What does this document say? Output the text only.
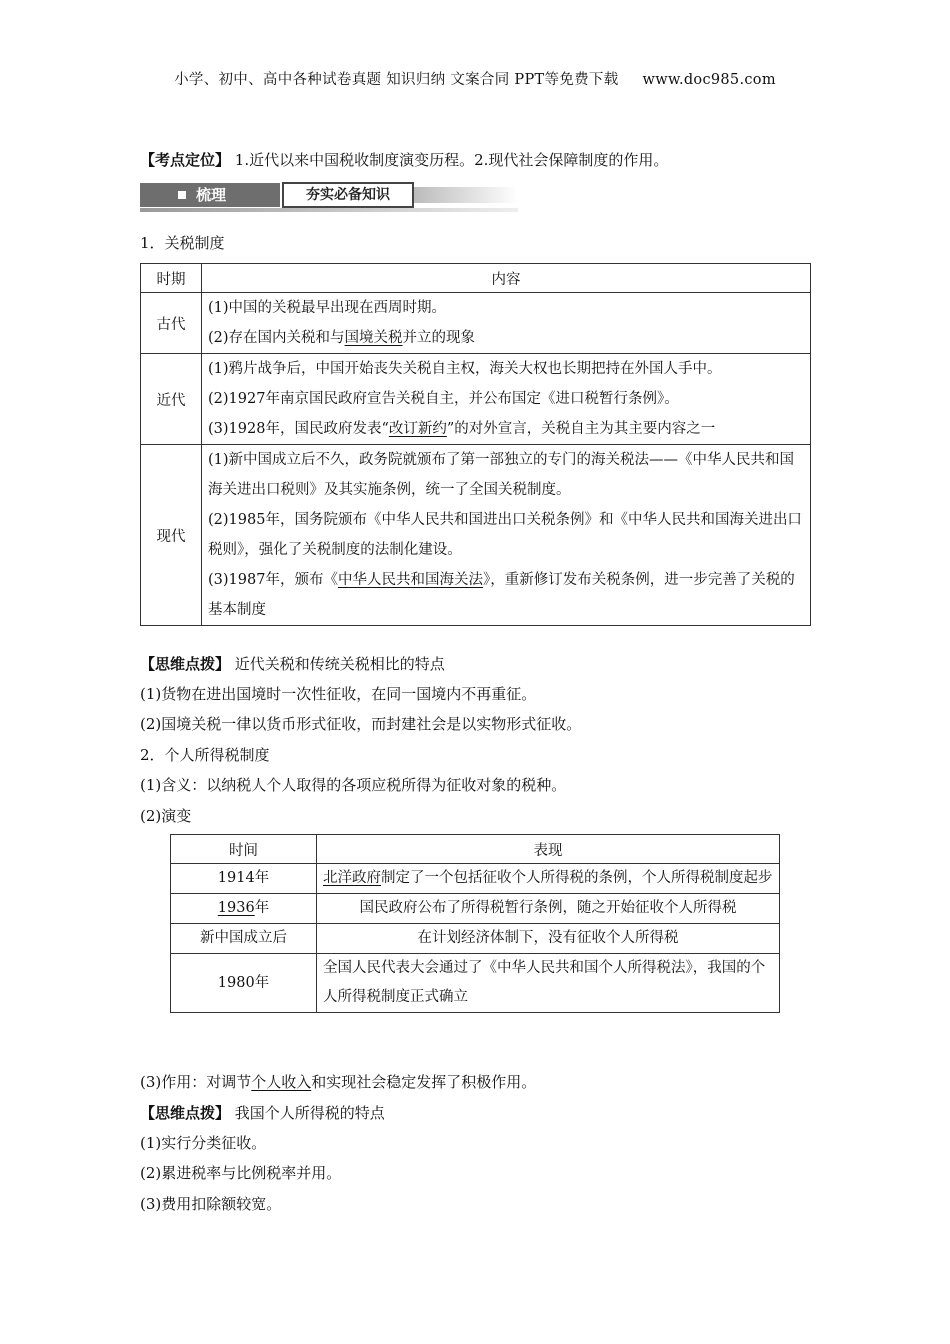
小学、初中、高中各种试卷真题 知识归纳 文案合同 PPT等免费下载 www.doc985.com
【考点定位】 1.近代以来中国税收制度演变历程。2.现代社会保障制度的作用。
梳理	夯实必备知识
1．关税制度
时期	内容
古代	(1)中国的关税最早出现在西周时期。
(2)存在国内关税和与国境关税并立的现象

近代	(1)鸦片战争后，中国开始丧失关税自主权，海关大权也长期把持在外国人手中。
(2)1927年南京国民政府宣告关税自主，并公布国定《进口税暂行条例》。
(3)1928年，国民政府发表“改订新约”的对外宣言，关税自主为其主要内容之一

现代	(1)新中国成立后不久，政务院就颁布了第一部独立的专门的海关税法——《中华人民共和国海关进出口税则》及其实施条例，统一了全国关税制度。
(2)1985年，国务院颁布《中华人民共和国进出口关税条例》和《中华人民共和国海关进出口税则》，强化了关税制度的法制化建设。
(3)1987年，颁布《中华人民共和国海关法》，重新修订发布关税条例，进一步完善了关税的基本制度
【思维点拨】 近代关税和传统关税相比的特点
(1)货物在进出国境时一次性征收，在同一国境内不再重征。
(2)国境关税一律以货币形式征收，而封建社会是以实物形式征收。
2．个人所得税制度
(1)含义：以纳税人个人取得的各项应税所得为征收对象的税种。
(2)演变
时间	表现
1914年	北洋政府制定了一个包括征收个人所得税的条例，个人所得税制度起步
1936年	国民政府公布了所得税暂行条例，随之开始征收个人所得税
新中国成立后	在计划经济体制下，没有征收个人所得税
1980年	全国人民代表大会通过了《中华人民共和国个人所得税法》，我国的个人所得税制度正式确立
(3)作用：对调节个人收入和实现社会稳定发挥了积极作用。
【思维点拨】 我国个人所得税的特点
(1)实行分类征收。
(2)累进税率与比例税率并用。
(3)费用扣除额较宽。
